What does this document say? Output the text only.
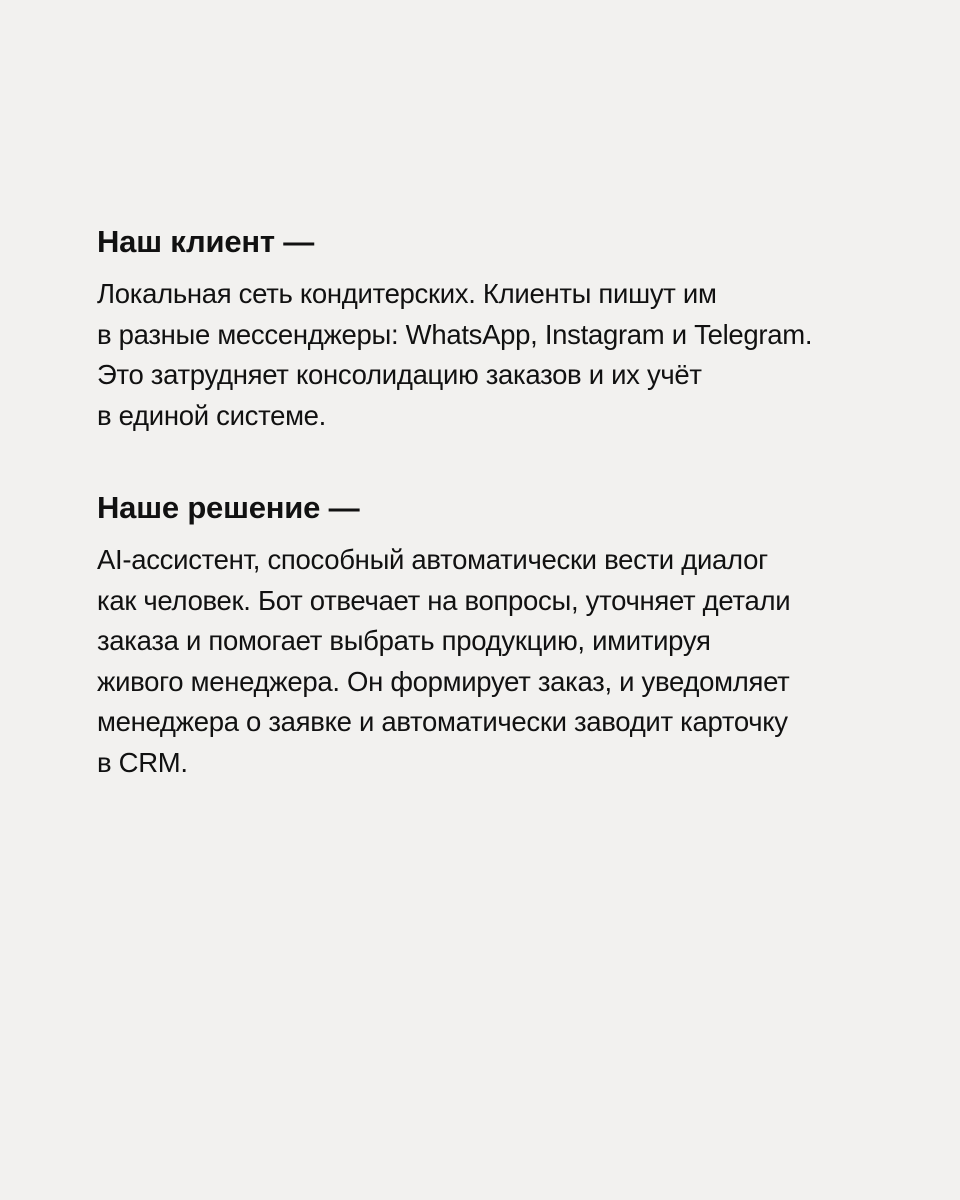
Наш клиент —

Локальная сеть кондитерских. Клиенты пишут им
в разные мессенджеры: WhatsApp, Instagram и Telegram.
Это затрудняет консолидацию заказов и их учёт
в единой системе.

Наше решение —

AI-ассистент, способный автоматически вести диалог
как человек. Бот отвечает на вопросы, уточняет детали
заказа и помогает выбрать продукцию, имитируя
живого менеджера. Он формирует заказ, и уведомляет
менеджера о заявке и автоматически заводит карточку
в CRM.
